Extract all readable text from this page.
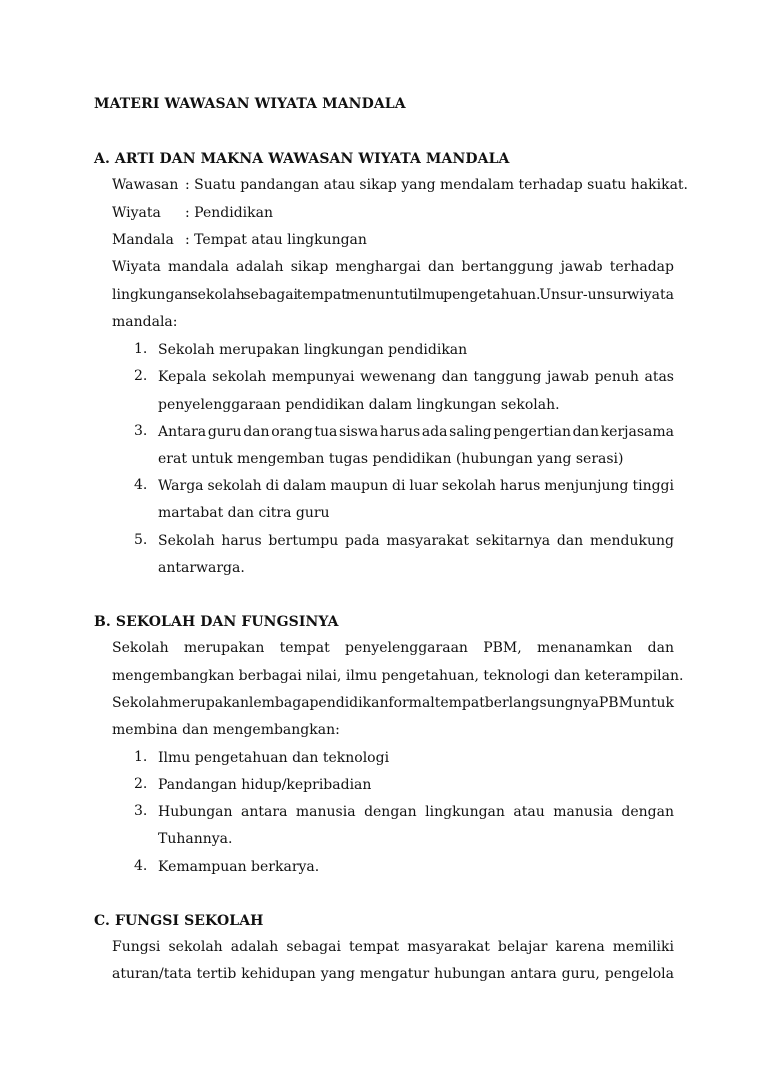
MATERI WAWASAN WIYATA MANDALA
A. ARTI DAN MAKNA WAWASAN WIYATA MANDALA
Wawasan : Suatu pandangan atau sikap yang mendalam terhadap suatu hakikat.
Wiyata : Pendidikan
Mandala : Tempat atau lingkungan
Wiyata mandala adalah sikap menghargai dan bertanggung jawab terhadap
lingkungan sekolah sebagai tempat menuntut ilmu pengetahuan. Unsur-unsur wiyata
mandala:
1. Sekolah merupakan lingkungan pendidikan
2. Kepala sekolah mempunyai wewenang dan tanggung jawab penuh atas
penyelenggaraan pendidikan dalam lingkungan sekolah.
3. Antara guru dan orang tua siswa harus ada saling pengertian dan kerjasama
erat untuk mengemban tugas pendidikan (hubungan yang serasi)
4. Warga sekolah di dalam maupun di luar sekolah harus menjunjung tinggi
martabat dan citra guru
5. Sekolah harus bertumpu pada masyarakat sekitarnya dan mendukung
antarwarga.
B. SEKOLAH DAN FUNGSINYA
Sekolah merupakan tempat penyelenggaraan PBM, menanamkan dan
mengembangkan berbagai nilai, ilmu pengetahuan, teknologi dan keterampilan.
Sekolah merupakan lembaga pendidikan formal tempat berlangsungnya PBM untuk
membina dan mengembangkan:
1. Ilmu pengetahuan dan teknologi
2. Pandangan hidup/kepribadian
3. Hubungan antara manusia dengan lingkungan atau manusia dengan
Tuhannya.
4. Kemampuan berkarya.
C. FUNGSI SEKOLAH
Fungsi sekolah adalah sebagai tempat masyarakat belajar karena memiliki
aturan/tata tertib kehidupan yang mengatur hubungan antara guru, pengelola
